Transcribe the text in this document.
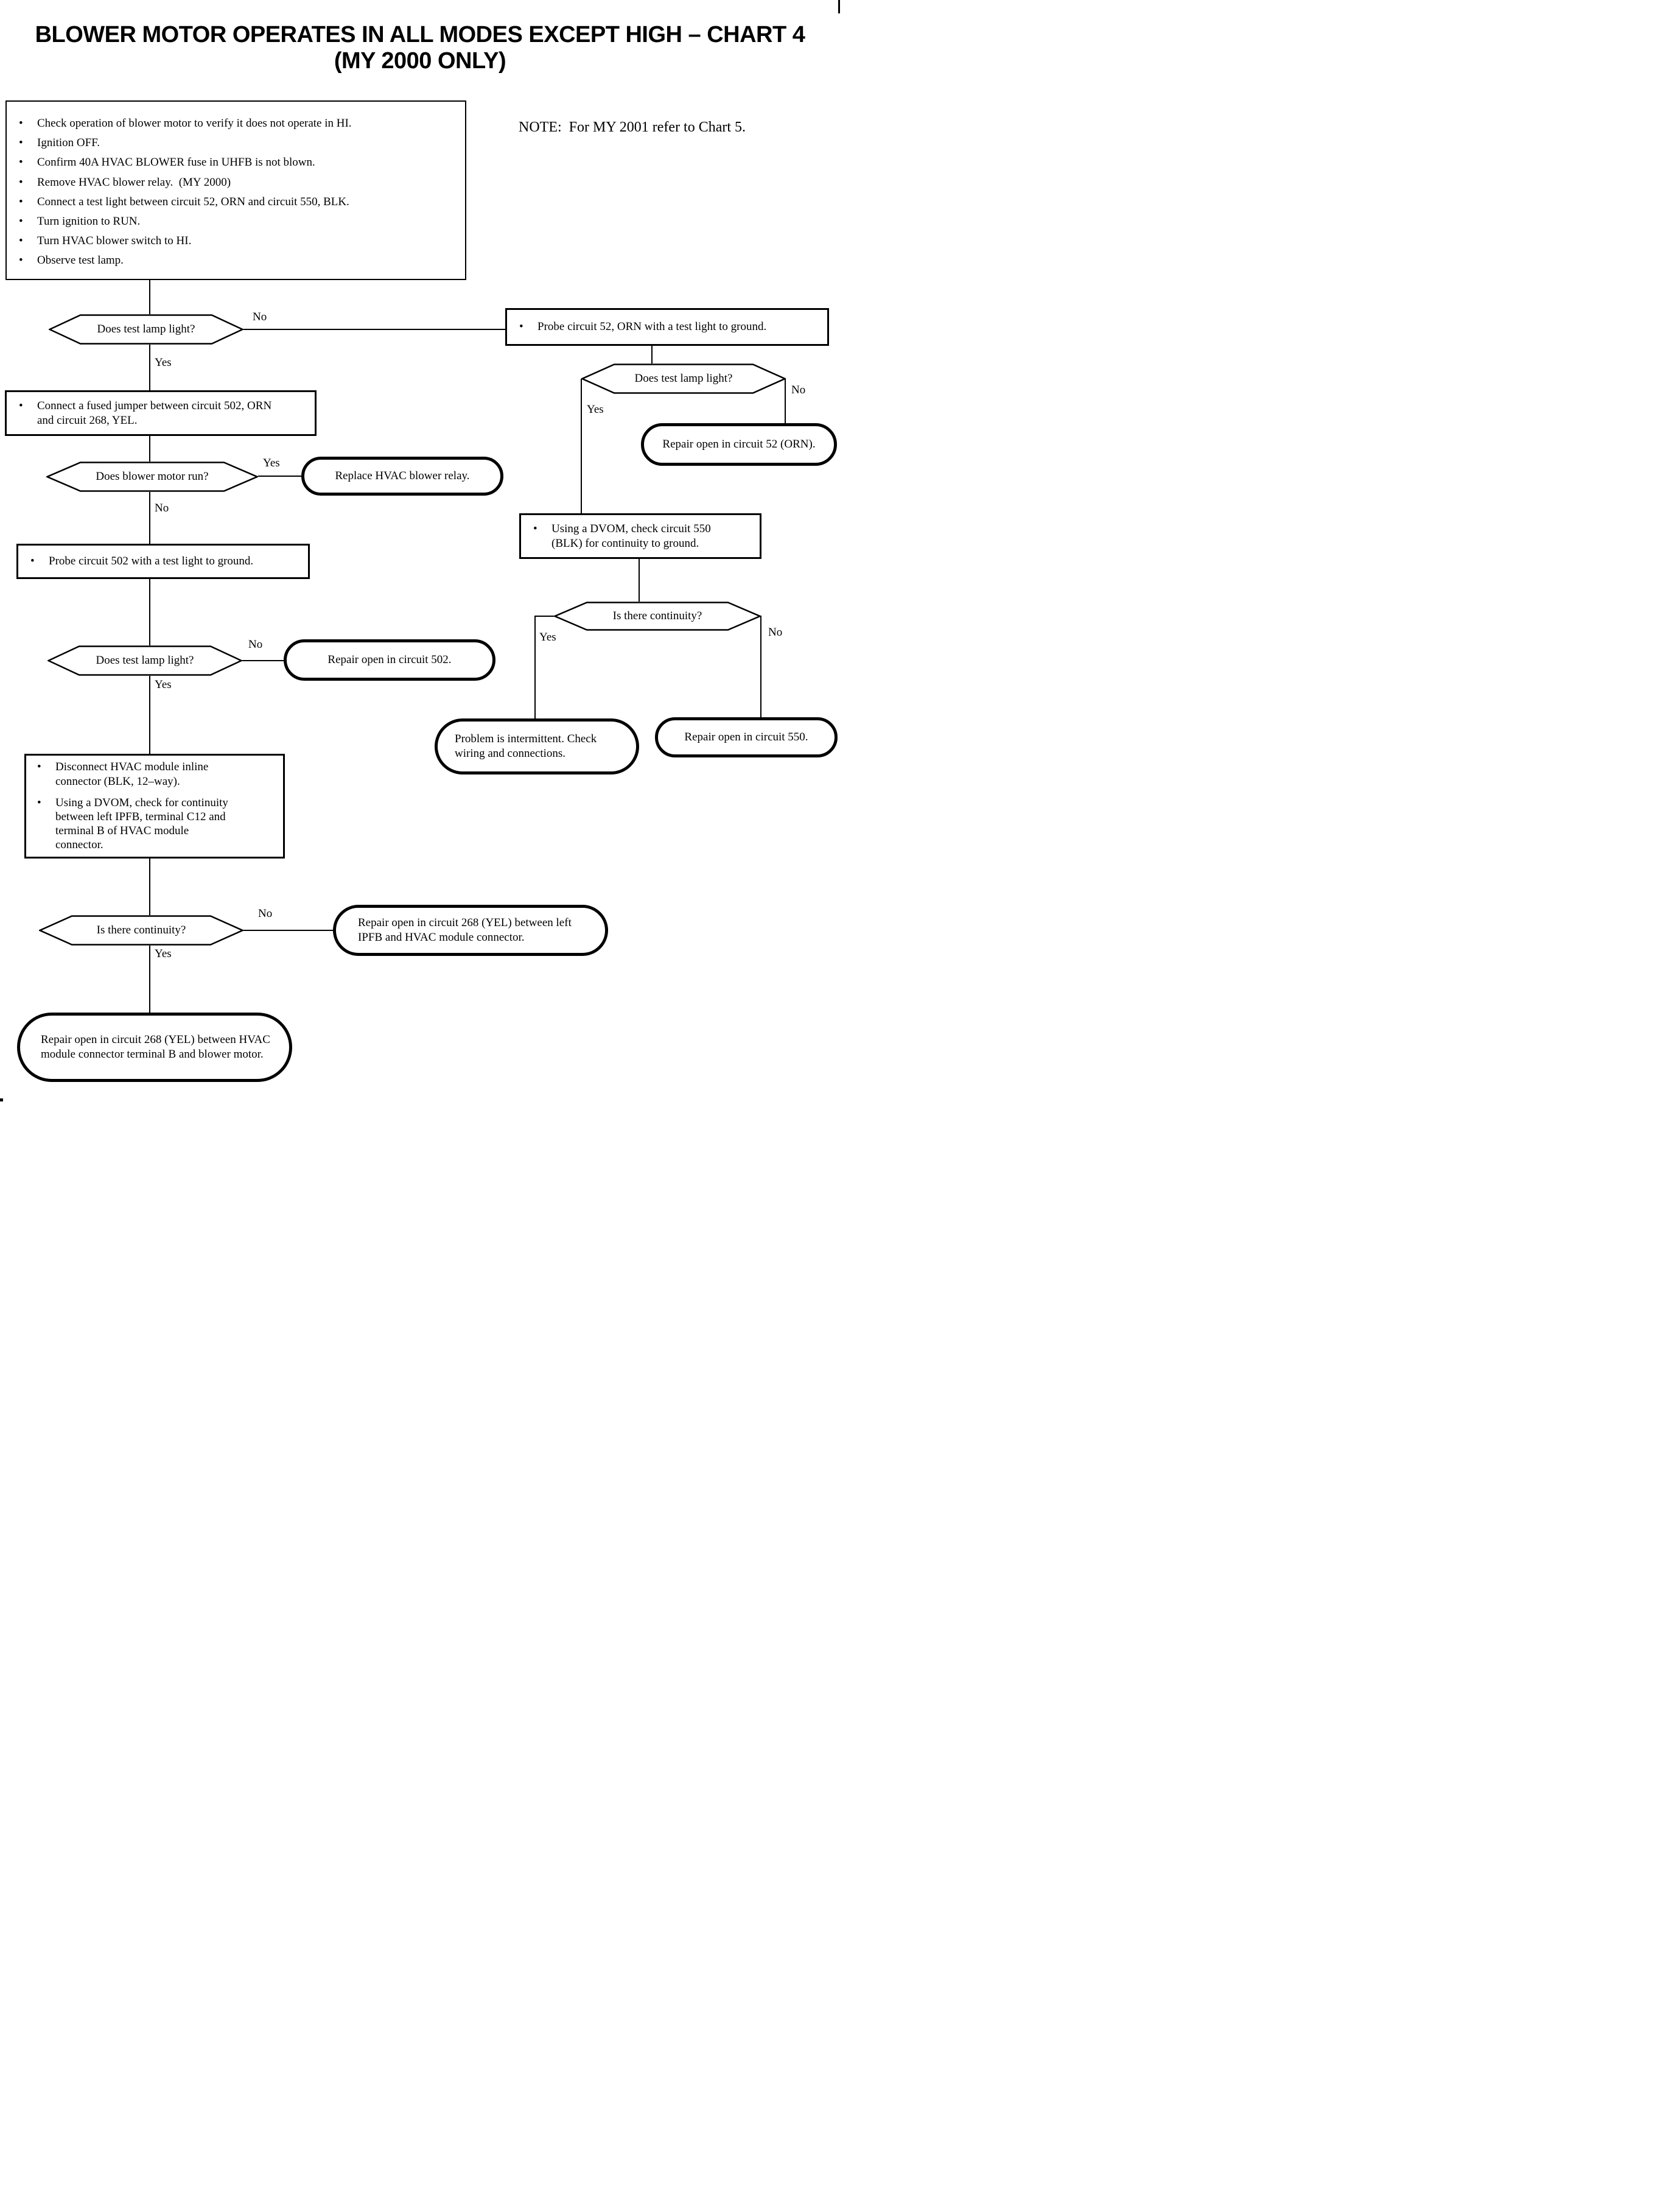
BLOWER MOTOR OPERATES IN ALL MODES EXCEPT HIGH – CHART 4
(MY 2000 ONLY)
NOTE:  For MY 2001 refer to Chart 5.
•	Check operation of blower motor to verify it does not operate in HI.
•	Ignition OFF.
•	Confirm 40A HVAC BLOWER fuse in UHFB is not blown.
•	Remove HVAC blower relay.  (MY 2000)
•	Connect a test light between circuit 52, ORN and circuit 550, BLK.
•	Turn ignition to RUN.
•	Turn HVAC blower switch to HI.
•	Observe test lamp.
Does test lamp light?
No
Yes
•	Probe circuit 52, ORN with a test light to ground.
Does test lamp light?
No
Yes
Repair open in circuit 52 (ORN).
•	Using a DVOM, check circuit 550 (BLK) for continuity to ground.
Is there continuity?
Yes	No
Problem is intermittent. Check wiring and connections.
Repair open in circuit 550.
•	Connect a fused jumper between circuit 502, ORN and circuit 268, YEL.
Does blower motor run?
Yes
No
Replace HVAC blower relay.
•	Probe circuit 502 with a test light to ground.
Does test lamp light?
No
Yes
Repair open in circuit 502.
•	Disconnect HVAC module inline connector (BLK, 12–way).
•	Using a DVOM, check for continuity between left IPFB, terminal C12 and terminal B of HVAC module connector.
Is there continuity?
No
Yes
Repair open in circuit 268 (YEL) between left IPFB and HVAC module connector.
Repair open in circuit 268 (YEL) between HVAC module connector terminal B and blower motor.
